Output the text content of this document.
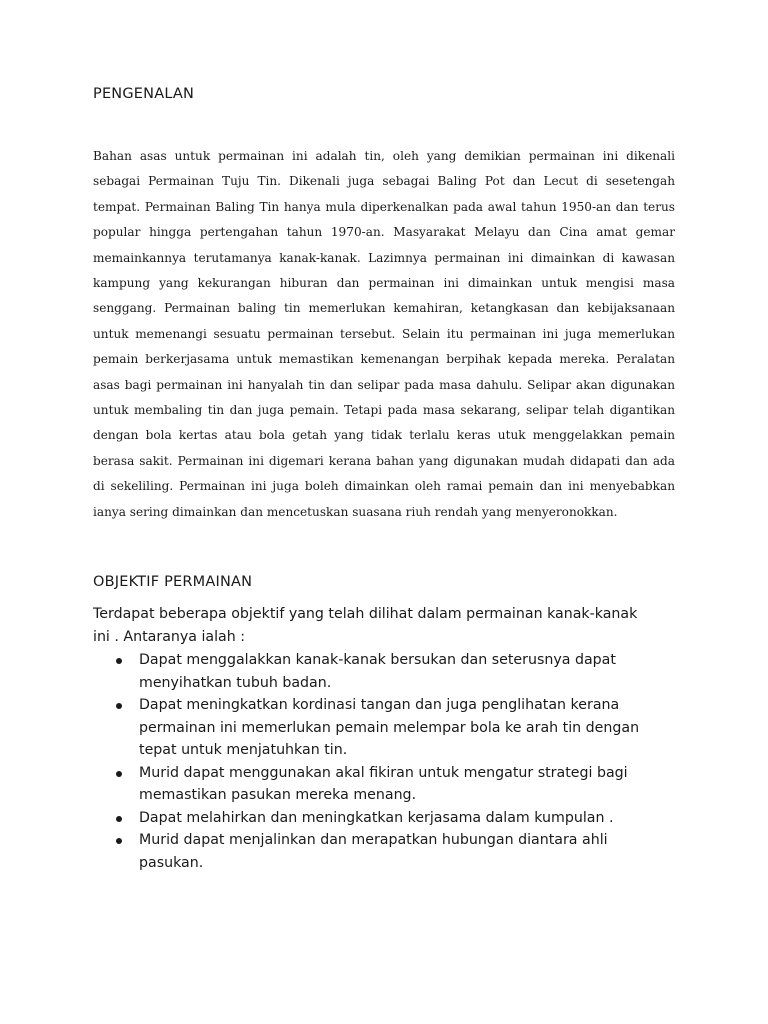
PENGENALAN

Bahan asas untuk permainan ini adalah tin, oleh yang demikian permainan ini dikenali sebagai Permainan Tuju Tin. Dikenali juga sebagai Baling Pot dan Lecut di sesetengah tempat. Permainan Baling Tin hanya mula diperkenalkan pada awal tahun 1950-an dan terus popular hingga pertengahan tahun 1970-an. Masyarakat Melayu dan Cina amat gemar memainkannya terutamanya kanak-kanak. Lazimnya permainan ini dimainkan di kawasan kampung yang kekurangan hiburan dan permainan ini dimainkan untuk mengisi masa senggang. Permainan baling tin memerlukan kemahiran, ketangkasan dan kebijaksanaan untuk memenangi sesuatu permainan tersebut. Selain itu permainan ini juga memerlukan pemain berkerjasama untuk memastikan kemenangan berpihak kepada mereka. Peralatan asas bagi permainan ini hanyalah tin dan selipar pada masa dahulu. Selipar akan digunakan untuk membaling tin dan juga pemain. Tetapi pada masa sekarang, selipar telah digantikan dengan bola kertas atau bola getah yang tidak terlalu keras utuk menggelakkan pemain berasa sakit. Permainan ini digemari kerana bahan yang digunakan mudah didapati dan ada di sekeliling. Permainan ini juga boleh dimainkan oleh ramai pemain dan ini menyebabkan ianya sering dimainkan dan mencetuskan suasana riuh rendah yang menyeronokkan.

OBJEKTIF PERMAINAN

Terdapat beberapa objektif yang telah dilihat dalam permainan kanak-kanak ini . Antaranya ialah :

Dapat menggalakkan kanak-kanak bersukan dan seterusnya dapat menyihatkan tubuh badan.
Dapat meningkatkan kordinasi tangan dan juga penglihatan kerana permainan ini memerlukan pemain melempar bola ke arah tin dengan tepat untuk menjatuhkan tin.
Murid dapat menggunakan akal fikiran untuk mengatur strategi bagi memastikan pasukan mereka menang.
Dapat melahirkan dan meningkatkan kerjasama dalam kumpulan .
Murid dapat menjalinkan dan merapatkan hubungan diantara ahli pasukan.
